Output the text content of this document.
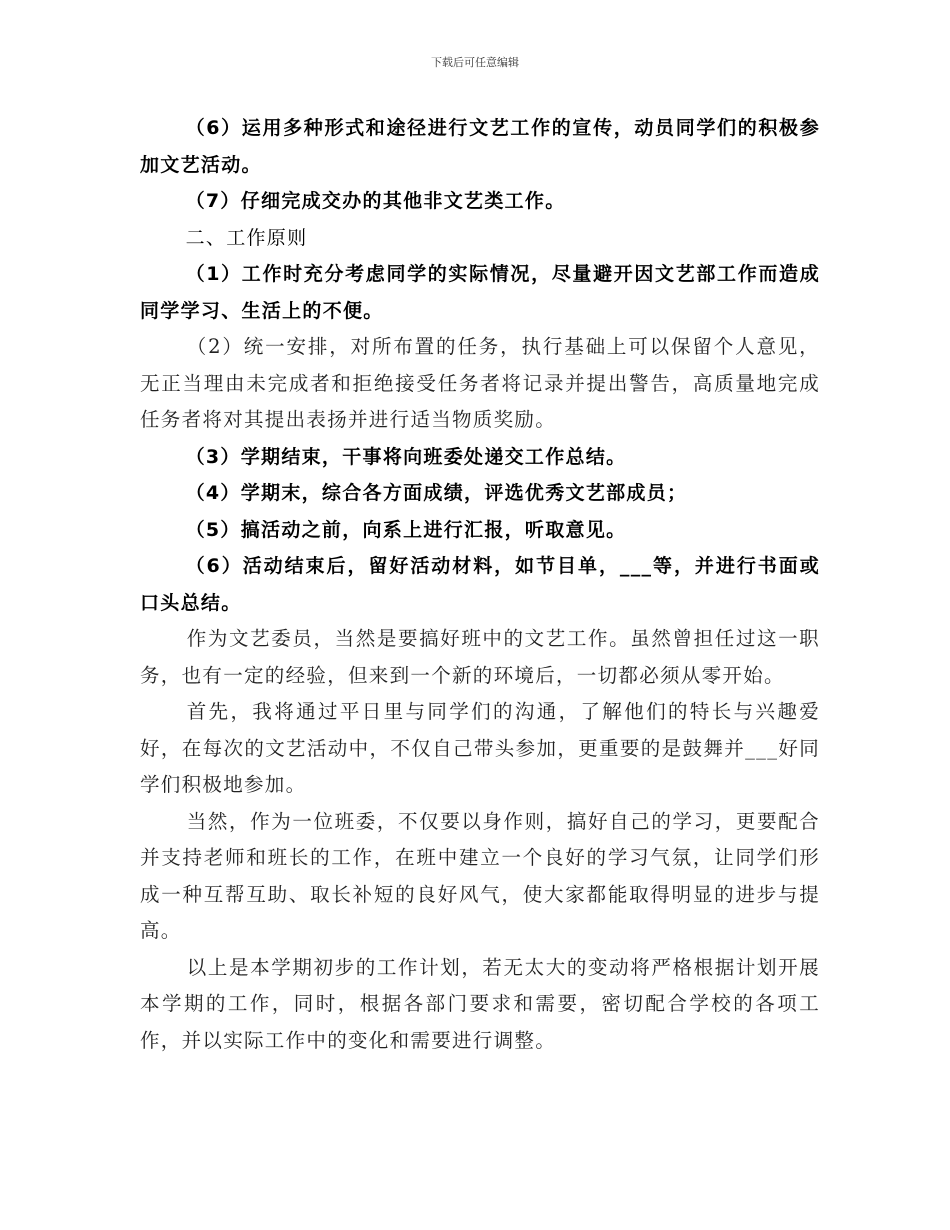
下载后可任意编辑

（6）运用多种形式和途径进行文艺工作的宣传，动员同学们的积极参加文艺活动。

（7）仔细完成交办的其他非文艺类工作。

二、工作原则

（1）工作时充分考虑同学的实际情况，尽量避开因文艺部工作而造成同学学习、生活上的不便。

（2）统一安排，对所布置的任务，执行基础上可以保留个人意见，无正当理由未完成者和拒绝接受任务者将记录并提出警告，高质量地完成任务者将对其提出表扬并进行适当物质奖励。

（3）学期结束，干事将向班委处递交工作总结。

（4）学期末，综合各方面成绩，评选优秀文艺部成员；

（5）搞活动之前，向系上进行汇报，听取意见。

（6）活动结束后，留好活动材料，如节目单，___等，并进行书面或口头总结。

作为文艺委员，当然是要搞好班中的文艺工作。虽然曾担任过这一职务，也有一定的经验，但来到一个新的环境后，一切都必须从零开始。

首先，我将通过平日里与同学们的沟通，了解他们的特长与兴趣爱好，在每次的文艺活动中，不仅自己带头参加，更重要的是鼓舞并___好同学们积极地参加。

当然，作为一位班委，不仅要以身作则，搞好自己的学习，更要配合并支持老师和班长的工作，在班中建立一个良好的学习气氛，让同学们形成一种互帮互助、取长补短的良好风气，使大家都能取得明显的进步与提高。

以上是本学期初步的工作计划，若无太大的变动将严格根据计划开展本学期的工作，同时，根据各部门要求和需要，密切配合学校的各项工作，并以实际工作中的变化和需要进行调整。
